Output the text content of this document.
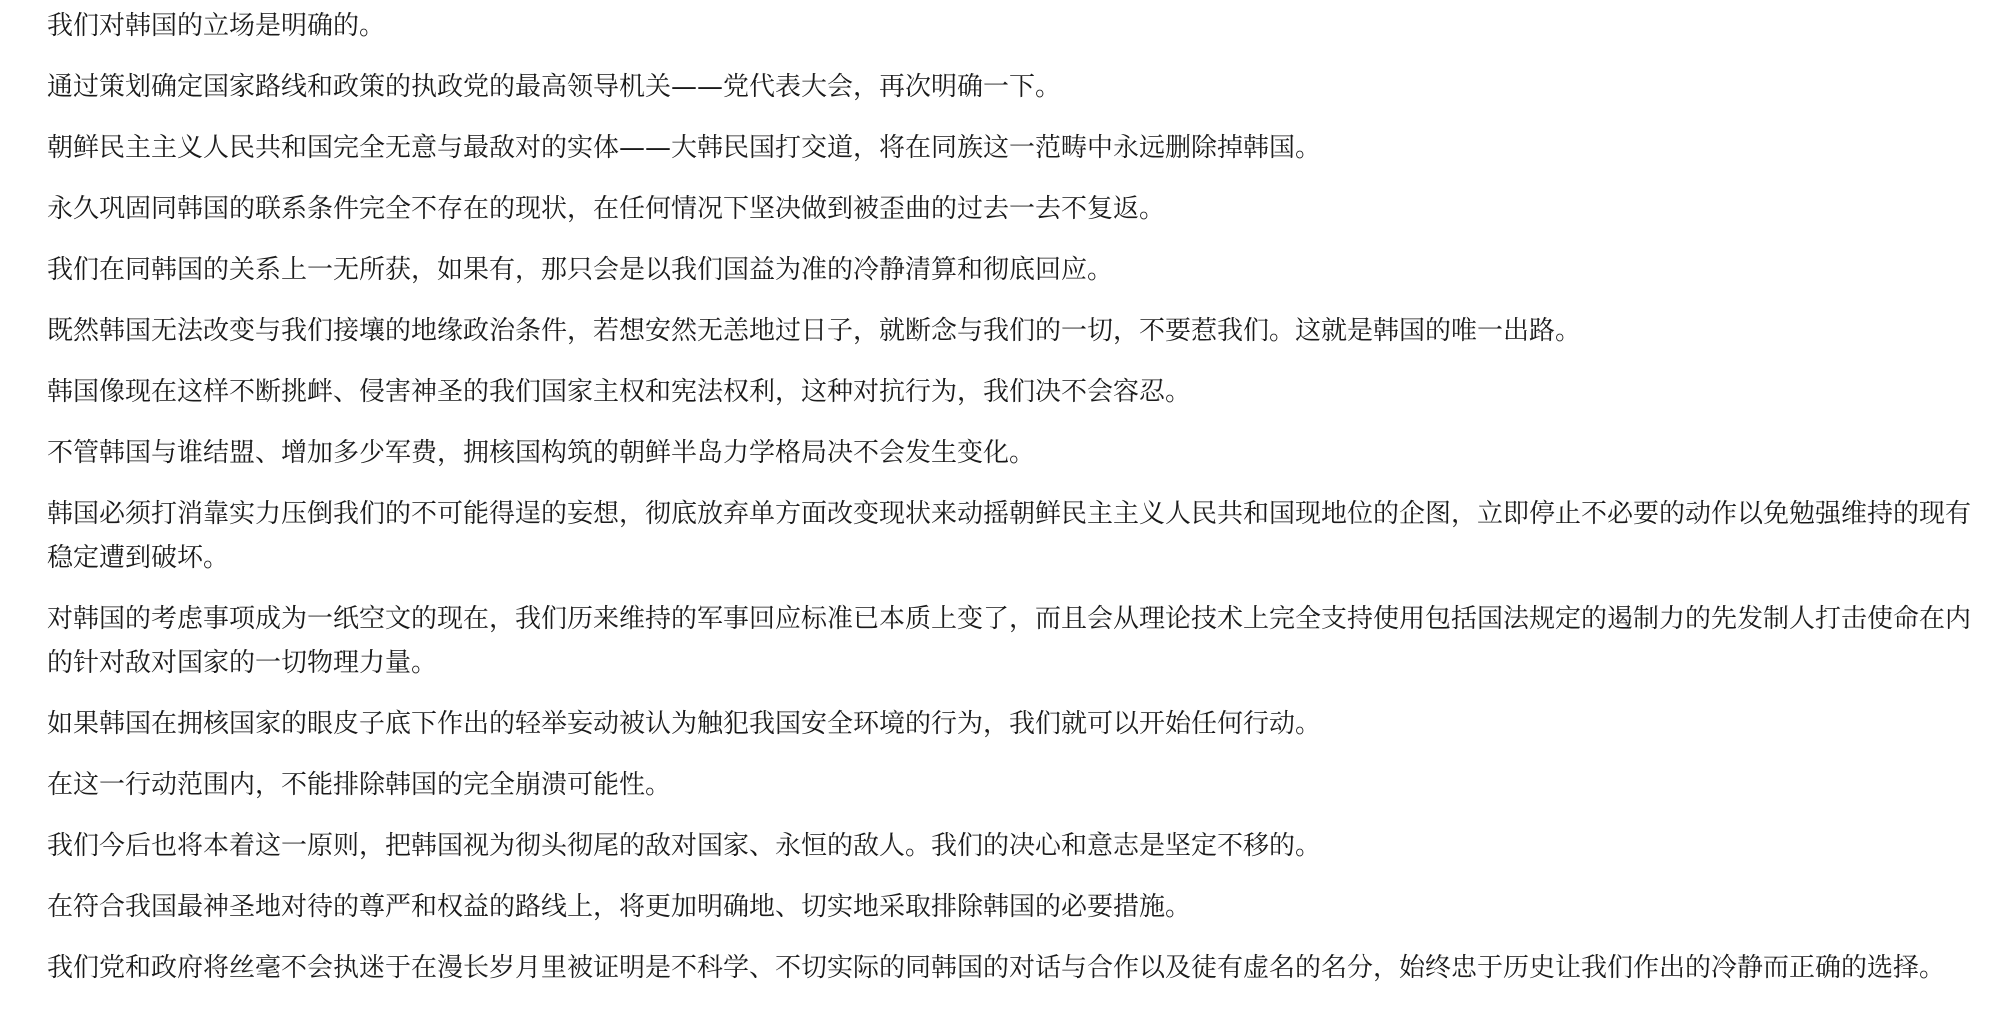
我们对韩国的立场是明确的。

通过策划确定国家路线和政策的执政党的最高领导机关——党代表大会，再次明确一下。

朝鲜民主主义人民共和国完全无意与最敌对的实体——大韩民国打交道，将在同族这一范畴中永远删除掉韩国。

永久巩固同韩国的联系条件完全不存在的现状，在任何情况下坚决做到被歪曲的过去一去不复返。

我们在同韩国的关系上一无所获，如果有，那只会是以我们国益为准的冷静清算和彻底回应。

既然韩国无法改变与我们接壤的地缘政治条件，若想安然无恙地过日子，就断念与我们的一切，不要惹我们。这就是韩国的唯一出路。

韩国像现在这样不断挑衅、侵害神圣的我们国家主权和宪法权利，这种对抗行为，我们决不会容忍。

不管韩国与谁结盟、增加多少军费，拥核国构筑的朝鲜半岛力学格局决不会发生变化。

韩国必须打消靠实力压倒我们的不可能得逞的妄想，彻底放弃单方面改变现状来动摇朝鲜民主主义人民共和国现地位的企图，立即停止不必要的动作以免勉强维持的现有稳定遭到破坏。

对韩国的考虑事项成为一纸空文的现在，我们历来维持的军事回应标准已本质上变了，而且会从理论技术上完全支持使用包括国法规定的遏制力的先发制人打击使命在内的针对敌对国家的一切物理力量。

如果韩国在拥核国家的眼皮子底下作出的轻举妄动被认为触犯我国安全环境的行为，我们就可以开始任何行动。

在这一行动范围内，不能排除韩国的完全崩溃可能性。

我们今后也将本着这一原则，把韩国视为彻头彻尾的敌对国家、永恒的敌人。我们的决心和意志是坚定不移的。

在符合我国最神圣地对待的尊严和权益的路线上，将更加明确地、切实地采取排除韩国的必要措施。

我们党和政府将丝毫不会执迷于在漫长岁月里被证明是不科学、不切实际的同韩国的对话与合作以及徒有虚名的名分，始终忠于历史让我们作出的冷静而正确的选择。
